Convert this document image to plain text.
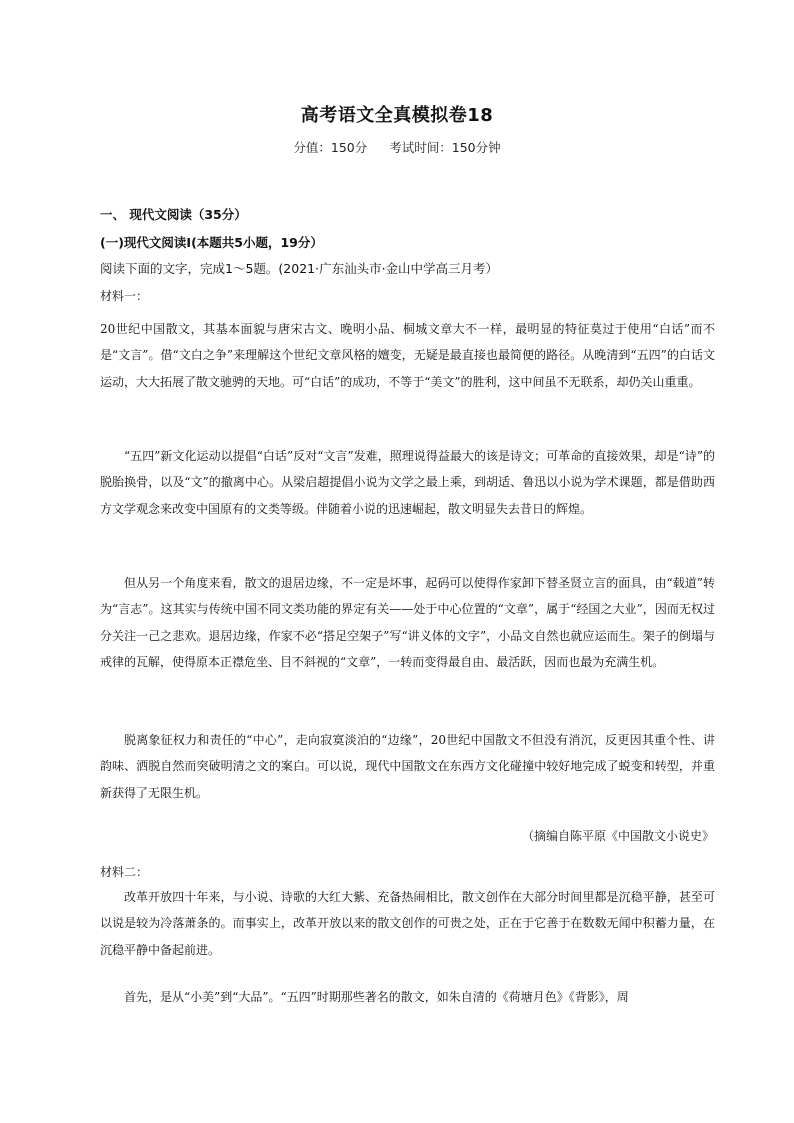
高考语文全真模拟卷18
分值：150分 考试时间：150分钟
一、 现代文阅读（35分）
(一)现代文阅读Ⅰ(本题共5小题，19分）
阅读下面的文字，完成1～5题。(2021·广东汕头市·金山中学高三月考）
材料一：
20世纪中国散文，其基本面貌与唐宋古文、晚明小品、桐城文章大不一样，最明显的特征莫过于使用“白话”而不是“文言”。借“文白之争”来理解这个世纪文章风格的嬗变，无疑是最直接也最简便的路径。从晚清到“五四”的白话文运动，大大拓展了散文驰骋的天地。可“白话”的成功，不等于“美文”的胜利，这中间虽不无联系，却仍关山重重。
“五四”新文化运动以提倡“白话”反对“文言”发难，照理说得益最大的该是诗文；可革命的直接效果，却是“诗”的脱胎换骨，以及“文”的撤离中心。从梁启超提倡小说为文学之最上乘，到胡适、鲁迅以小说为学术课题，都是借助西方文学观念来改变中国原有的文类等级。伴随着小说的迅速崛起，散文明显失去昔日的辉煌。
但从另一个角度来看，散文的退居边缘，不一定是坏事，起码可以使得作家卸下替圣贤立言的面具，由“载道”转为“言志”。这其实与传统中国不同文类功能的界定有关——处于中心位置的“文章”，属于“经国之大业”，因而无权过分关注一己之悲欢。退居边缘，作家不必“搭足空架子”写“讲义体的文字”，小品文自然也就应运而生。架子的倒塌与戒律的瓦解，使得原本正襟危坐、目不斜视的“文章”，一转而变得最自由、最活跃，因而也最为充满生机。
脱离象征权力和责任的“中心”，走向寂寞淡泊的“边缘”，20世纪中国散文不但没有消沉，反更因其重个性、讲韵味、洒脱自然而突破明清之文的案白。可以说，现代中国散文在东西方文化碰撞中较好地完成了蜕变和转型，并重新获得了无限生机。
（摘编自陈平原《中国散文小说史》
材料二：
改革开放四十年来，与小说、诗歌的大红大紫、充备热闹相比，散文创作在大部分时间里都是沉稳平静，甚至可以说是较为冷落萧条的。而事实上，改革开放以来的散文创作的可贵之处，正在于它善于在数数无闻中积蓄力量，在沉稳平静中备起前进。
首先，是从“小美”到“大品”。“五四”时期那些著名的散文，如朱自清的《荷塘月色》《背影》，周
